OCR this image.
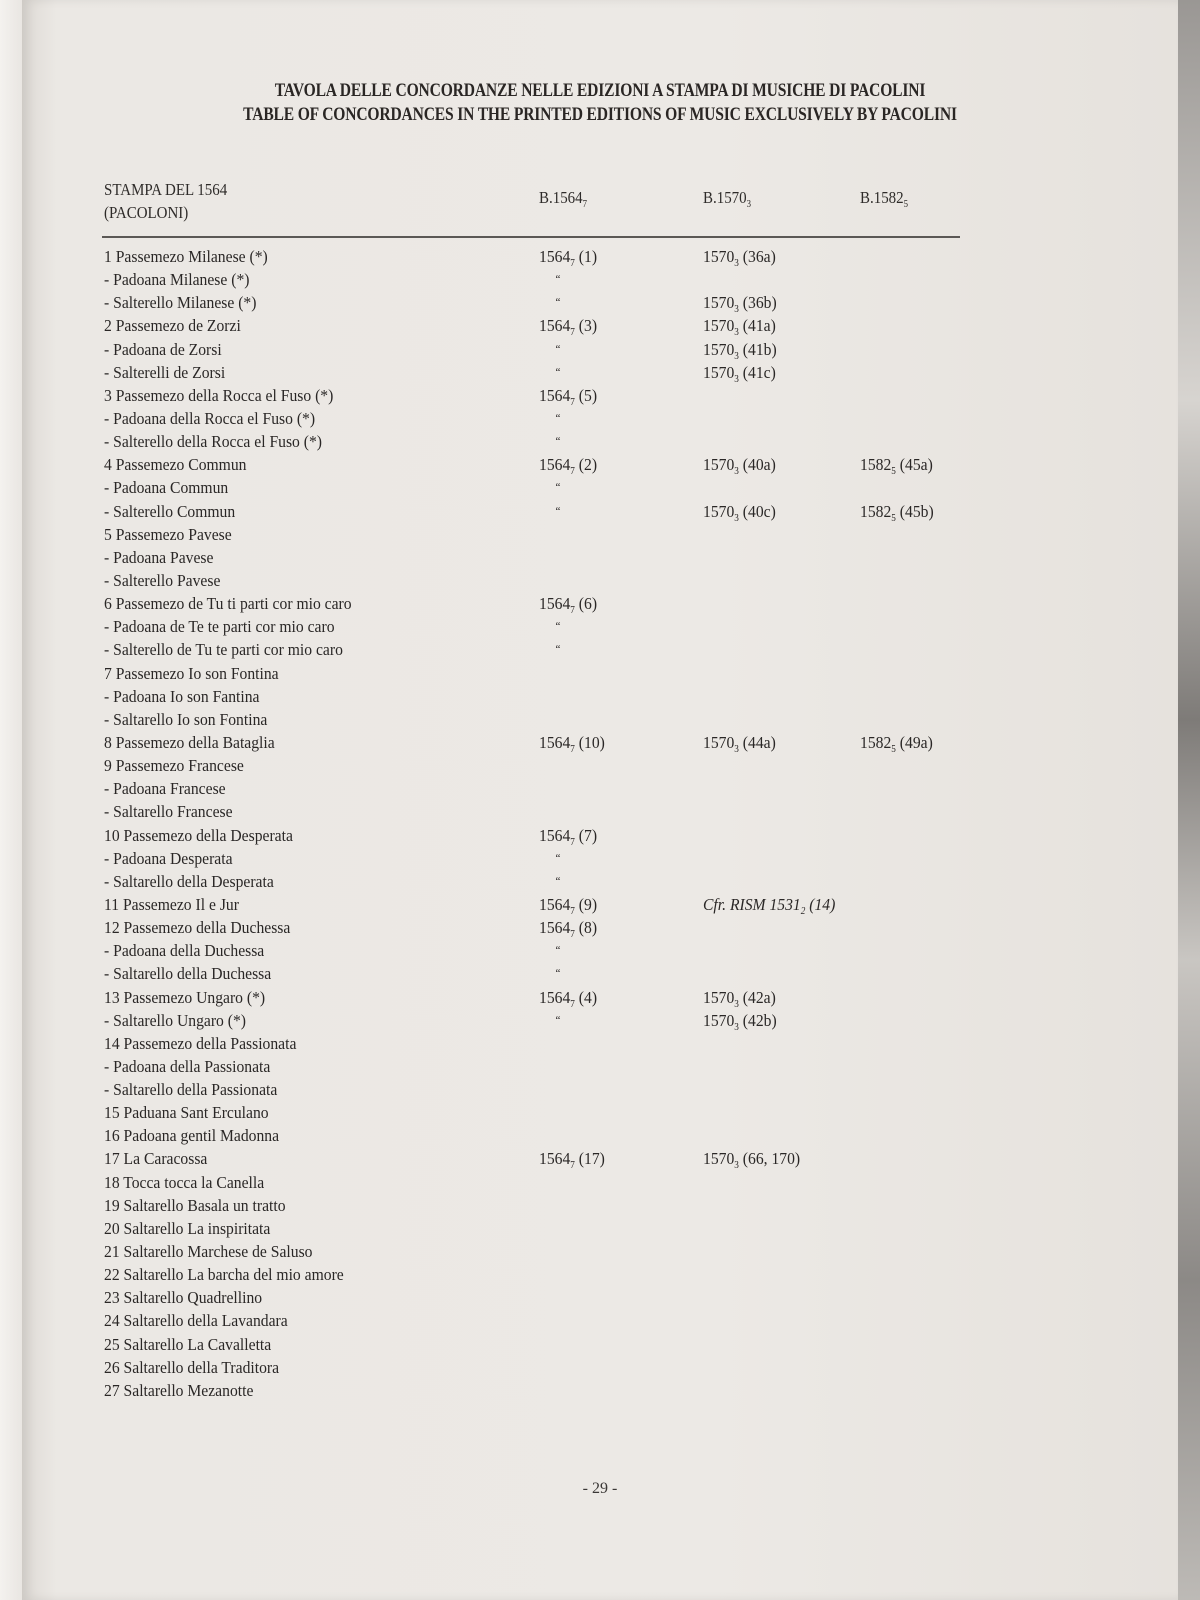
TAVOLA DELLE CONCORDANZE NELLE EDIZIONI A STAMPA DI MUSICHE DI PACOLINI
TABLE OF CONCORDANCES IN THE PRINTED EDITIONS OF MUSIC EXCLUSIVELY BY PACOLINI
STAMPA DEL 1564
(PACOLONI)
$B.1564_7$	$B.1570_3$	$B.1582_5$
1 Passemezo Milanese (*)	$1564_7$ (1)	$1570_3$ (36a)
- Padoana Milanese (*)	“
- Salterello Milanese (*)	“	$1570_3$ (36b)
2 Passemezo de Zorzi	$1564_7$ (3)	$1570_3$ (41a)
- Padoana de Zorsi	“	$1570_3$ (41b)
- Salterelli de Zorsi	“	$1570_3$ (41c)
3 Passemezo della Rocca el Fuso (*)	$1564_7$ (5)
- Padoana della Rocca el Fuso (*)	“
- Salterello della Rocca el Fuso (*)	“
4 Passemezo Commun	$1564_7$ (2)	$1570_3$ (40a)	$1582_5$ (45a)
- Padoana Commun	“
- Salterello Commun	“	$1570_3$ (40c)	$1582_5$ (45b)
5 Passemezo Pavese
- Padoana Pavese
- Salterello Pavese
6 Passemezo de Tu ti parti cor mio caro	$1564_7$ (6)
- Padoana de Te te parti cor mio caro	“
- Salterello de Tu te parti cor mio caro	“
7 Passemezo Io son Fontina
- Padoana Io son Fantina
- Saltarello Io son Fontina
8 Passemezo della Bataglia	$1564_7$ (10)	$1570_3$ (44a)	$1582_5$ (49a)
9 Passemezo Francese
- Padoana Francese
- Saltarello Francese
10 Passemezo della Desperata	$1564_7$ (7)
- Padoana Desperata	“
- Saltarello della Desperata	“
11 Passemezo Il e Jur	$1564_7$ (9)	Cfr. RISM $1531_2$ (14)
12 Passemezo della Duchessa	$1564_7$ (8)
- Padoana della Duchessa	“
- Saltarello della Duchessa	“
13 Passemezo Ungaro (*)	$1564_7$ (4)	$1570_3$ (42a)
- Saltarello Ungaro (*)	“	$1570_3$ (42b)
14 Passemezo della Passionata
- Padoana della Passionata
- Saltarello della Passionata
15 Paduana Sant Erculano
16 Padoana gentil Madonna
17 La Caracossa	$1564_7$ (17)	$1570_3$ (66, 170)
18 Tocca tocca la Canella
19 Saltarello Basala un tratto
20 Saltarello La inspiritata
21 Saltarello Marchese de Saluso
22 Saltarello La barcha del mio amore
23 Saltarello Quadrellino
24 Saltarello della Lavandara
25 Saltarello La Cavalletta
26 Saltarello della Traditora
27 Saltarello Mezanotte
- 29 -
